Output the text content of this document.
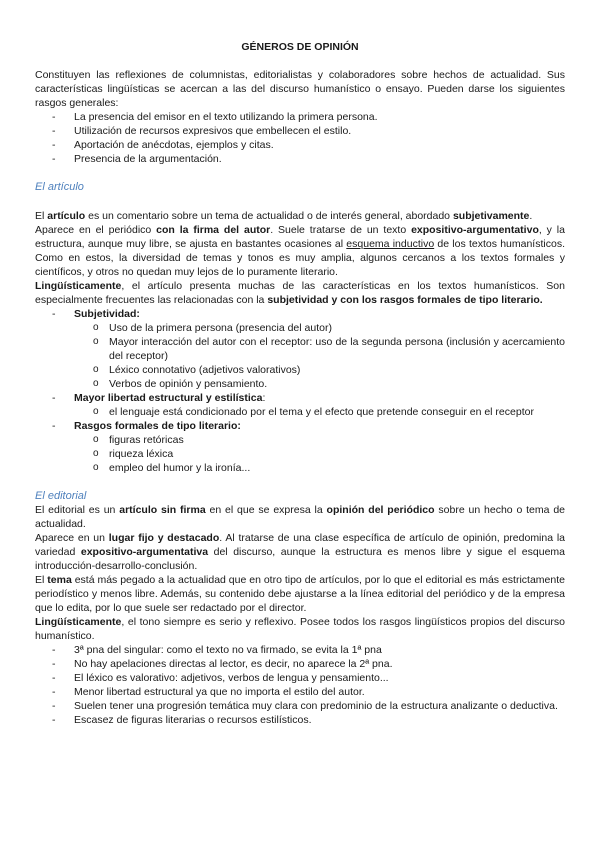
GÉNEROS DE OPINIÓN

Constituyen las reflexiones de columnistas, editorialistas y colaboradores sobre hechos de actualidad. Sus características lingüísticas se acercan a las del discurso humanístico o ensayo. Pueden darse los siguientes rasgos generales:

- La presencia del emisor en el texto utilizando la primera persona.
- Utilización de recursos expresivos que embellecen el estilo.
- Aportación de anécdotas, ejemplos y citas.
- Presencia de la argumentación.
El artículo

El artículo es un comentario sobre un tema de actualidad o de interés general, abordado subjetivamente.

Aparece en el periódico con la firma del autor. Suele tratarse de un texto expositivo-argumentativo, y la estructura, aunque muy libre, se ajusta en bastantes ocasiones al esquema inductivo de los textos humanísticos. Como en estos, la diversidad de temas y tonos es muy amplia, algunos cercanos a los textos formales y científicos, y otros no quedan muy lejos de lo puramente literario.

Lingüísticamente, el artículo presenta muchas de las características en los textos humanísticos. Son especialmente frecuentes las relacionadas con la subjetividad y con los rasgos formales de tipo literario.

- Subjetividad:
o Uso de la primera persona (presencia del autor)
o Mayor interacción del autor con el receptor: uso de la segunda persona (inclusión y acercamiento del receptor)
o Léxico connotativo (adjetivos valorativos)
o Verbos de opinión y pensamiento.
- Mayor libertad estructural y estilística:
o el lenguaje está condicionado por el tema y el efecto que pretende conseguir en el receptor
- Rasgos formales de tipo literario:
o figuras retóricas
o riqueza léxica
o empleo del humor y la ironía...
El editorial

El editorial es un artículo sin firma en el que se expresa la opinión del periódico sobre un hecho o tema de actualidad.

Aparece en un lugar fijo y destacado. Al tratarse de una clase específica de artículo de opinión, predomina la variedad expositivo-argumentativa del discurso, aunque la estructura es menos libre y sigue el esquema introducción-desarrollo-conclusión.

El tema está más pegado a la actualidad que en otro tipo de artículos, por lo que el editorial es más estrictamente periodístico y menos libre. Además, su contenido debe ajustarse a la línea editorial del periódico y de la empresa que lo edita, por lo que suele ser redactado por el director.

Lingüísticamente, el tono siempre es serio y reflexivo. Posee todos los rasgos lingüísticos propios del discurso humanístico.

- 3ª pna del singular: como el texto no va firmado, se evita la 1ª pna
- No hay apelaciones directas al lector, es decir, no aparece la 2ª pna.
- El léxico es valorativo: adjetivos, verbos de lengua y pensamiento...
- Menor libertad estructural ya que no importa el estilo del autor.
- Suelen tener una progresión temática muy clara con predominio de la estructura analizante o deductiva.
- Escasez de figuras literarias o recursos estilísticos.
